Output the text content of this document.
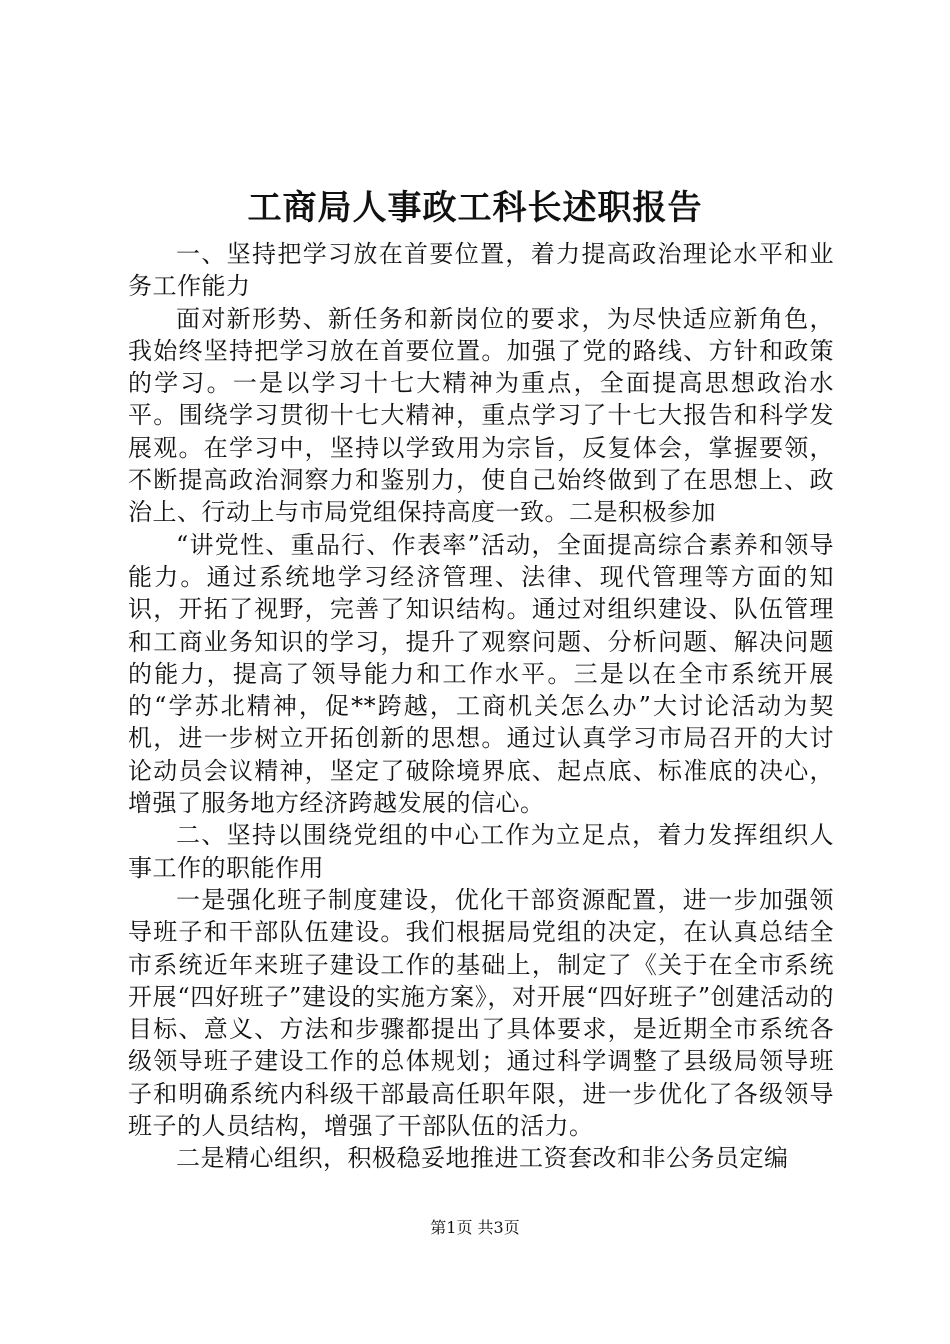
工商局人事政工科长述职报告

一、坚持把学习放在首要位置，着力提高政治理论水平和业务工作能力

面对新形势、新任务和新岗位的要求，为尽快适应新角色，我始终坚持把学习放在首要位置。加强了党的路线、方针和政策的学习。一是以学习十七大精神为重点，全面提高思想政治水平。围绕学习贯彻十七大精神，重点学习了十七大报告和科学发展观。在学习中，坚持以学致用为宗旨，反复体会，掌握要领，不断提高政治洞察力和鉴别力，使自己始终做到了在思想上、政治上、行动上与市局党组保持高度一致。二是积极参加

“讲党性、重品行、作表率”活动，全面提高综合素养和领导能力。通过系统地学习经济管理、法律、现代管理等方面的知识，开拓了视野，完善了知识结构。通过对组织建设、队伍管理和工商业务知识的学习，提升了观察问题、分析问题、解决问题的能力，提高了领导能力和工作水平。三是以在全市系统开展的“学苏北精神，促**跨越，工商机关怎么办”大讨论活动为契机，进一步树立开拓创新的思想。通过认真学习市局召开的大讨论动员会议精神，坚定了破除境界底、起点底、标准底的决心，增强了服务地方经济跨越发展的信心。

二、坚持以围绕党组的中心工作为立足点，着力发挥组织人事工作的职能作用

一是强化班子制度建设，优化干部资源配置，进一步加强领导班子和干部队伍建设。我们根据局党组的决定，在认真总结全市系统近年来班子建设工作的基础上，制定了《关于在全市系统开展“四好班子”建设的实施方案》，对开展“四好班子”创建活动的目标、意义、方法和步骤都提出了具体要求，是近期全市系统各级领导班子建设工作的总体规划；通过科学调整了县级局领导班子和明确系统内科级干部最高任职年限，进一步优化了各级领导班子的人员结构，增强了干部队伍的活力。

二是精心组织，积极稳妥地推进工资套改和非公务员定编

第1页 共3页
